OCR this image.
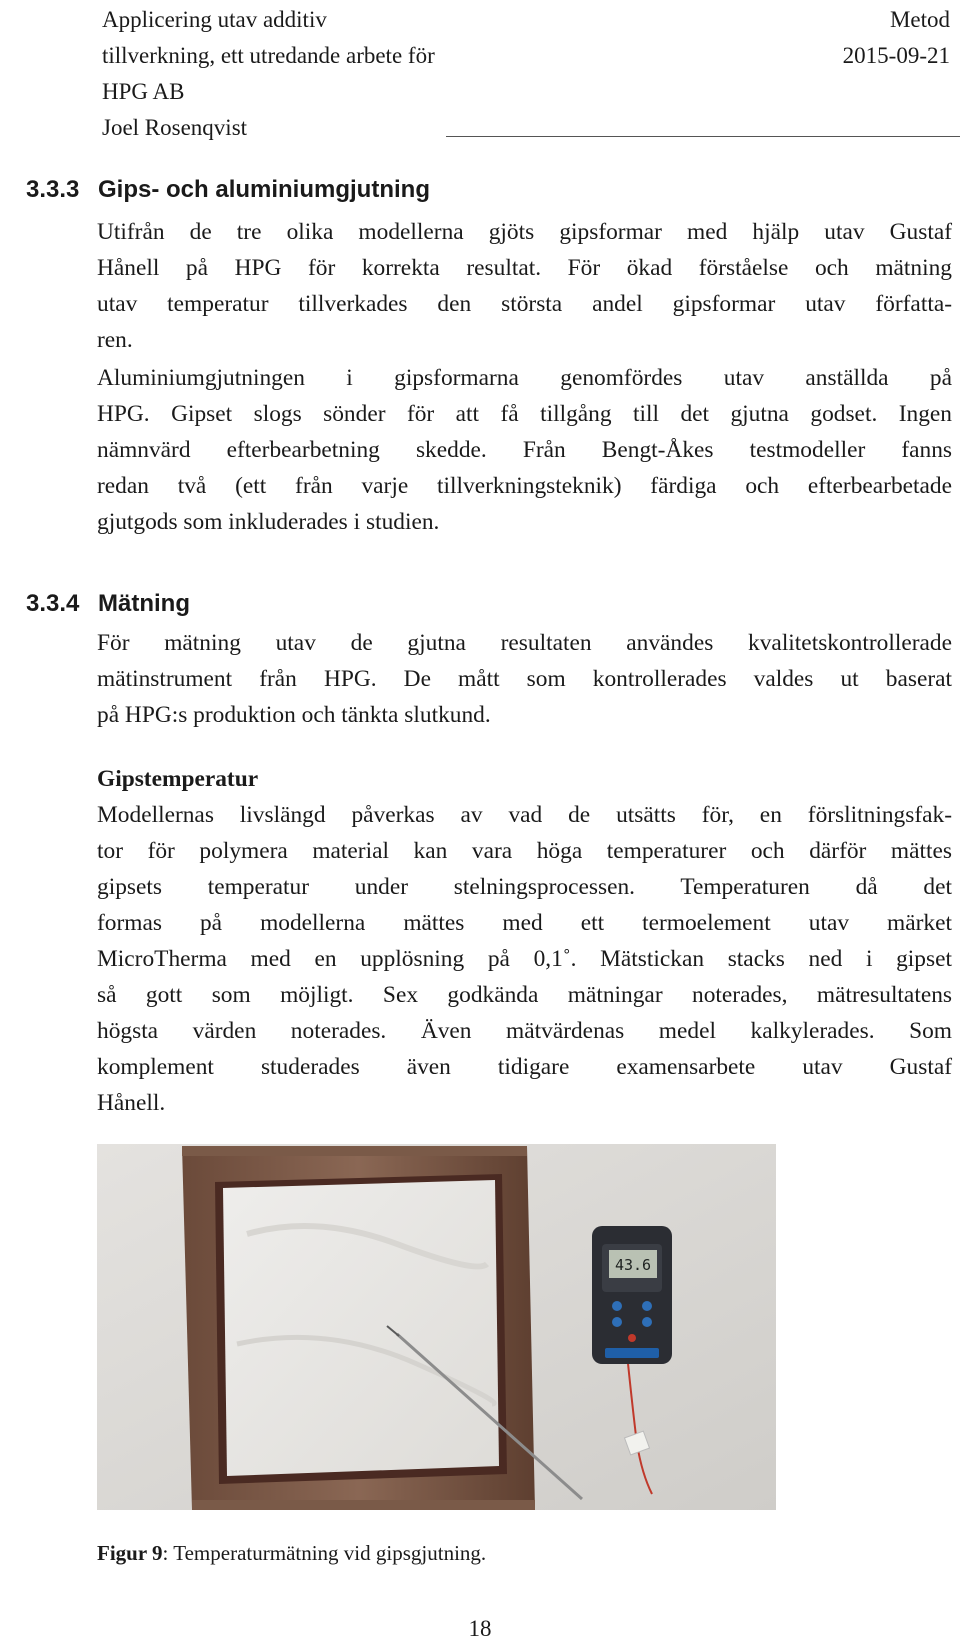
Applicering utav additiv
tillverkning, ett utredande arbete för
HPG AB
Joel Rosenqvist
Metod
2015-09-21
3.3.3 Gips- och aluminiumgjutning
Utifrån de tre olika modellerna gjöts gipsformar med hjälp utav Gustaf
Hånell på HPG för korrekta resultat. För ökad förståelse och mätning
utav temperatur tillverkades den största andel gipsformar utav författa-
ren.
Aluminiumgjutningen i gipsformarna genomfördes utav anställda på
HPG. Gipset slogs sönder för att få tillgång till det gjutna godset. Ingen
nämnvärd efterbearbetning skedde. Från Bengt-Åkes testmodeller fanns
redan två (ett från varje tillverkningsteknik) färdiga och efterbearbetade
gjutgods som inkluderades i studien.
3.3.4 Mätning
För mätning utav de gjutna resultaten användes kvalitetskontrollerade
mätinstrument från HPG. De mått som kontrollerades valdes ut baserat
på HPG:s produktion och tänkta slutkund.
Gipstemperatur
Modellernas livslängd påverkas av vad de utsätts för, en förslitningsfak-
tor för polymera material kan vara höga temperaturer och därför mättes
gipsets temperatur under stelningsprocessen. Temperaturen då det
formas på modellerna mättes med ett termoelement utav märket
MicroTherma med en upplösning på 0,1˚. Mätstickan stacks ned i gipset
så gott som möjligt. Sex godkända mätningar noterades, mätresultatens
högsta värden noterades. Även mätvärdenas medel kalkylerades. Som
komplement studerades även tidigare examensarbete utav Gustaf
Hånell.
43.6
Figur 9: Temperaturmätning vid gipsgjutning.
18
